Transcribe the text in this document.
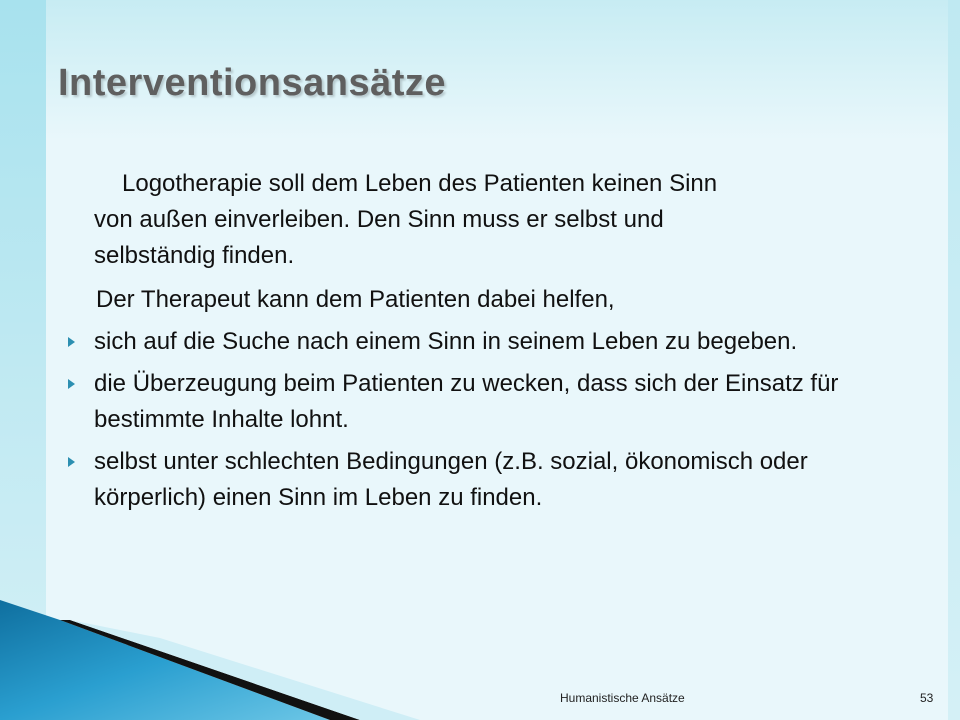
Interventionsansätze

Logotherapie soll dem Leben des Patienten keinen Sinn
von außen einverleiben. Den Sinn muss er selbst und
selbständig finden.

Der Therapeut kann dem Patienten dabei helfen,

sich auf die Suche nach einem Sinn in seinem Leben zu begeben.
die Überzeugung beim Patienten zu wecken, dass sich der Einsatz für bestimmte Inhalte lohnt.
selbst unter schlechten Bedingungen (z.B. sozial, ökonomisch oder körperlich) einen Sinn im Leben zu finden.
Humanistische Ansätze	53
